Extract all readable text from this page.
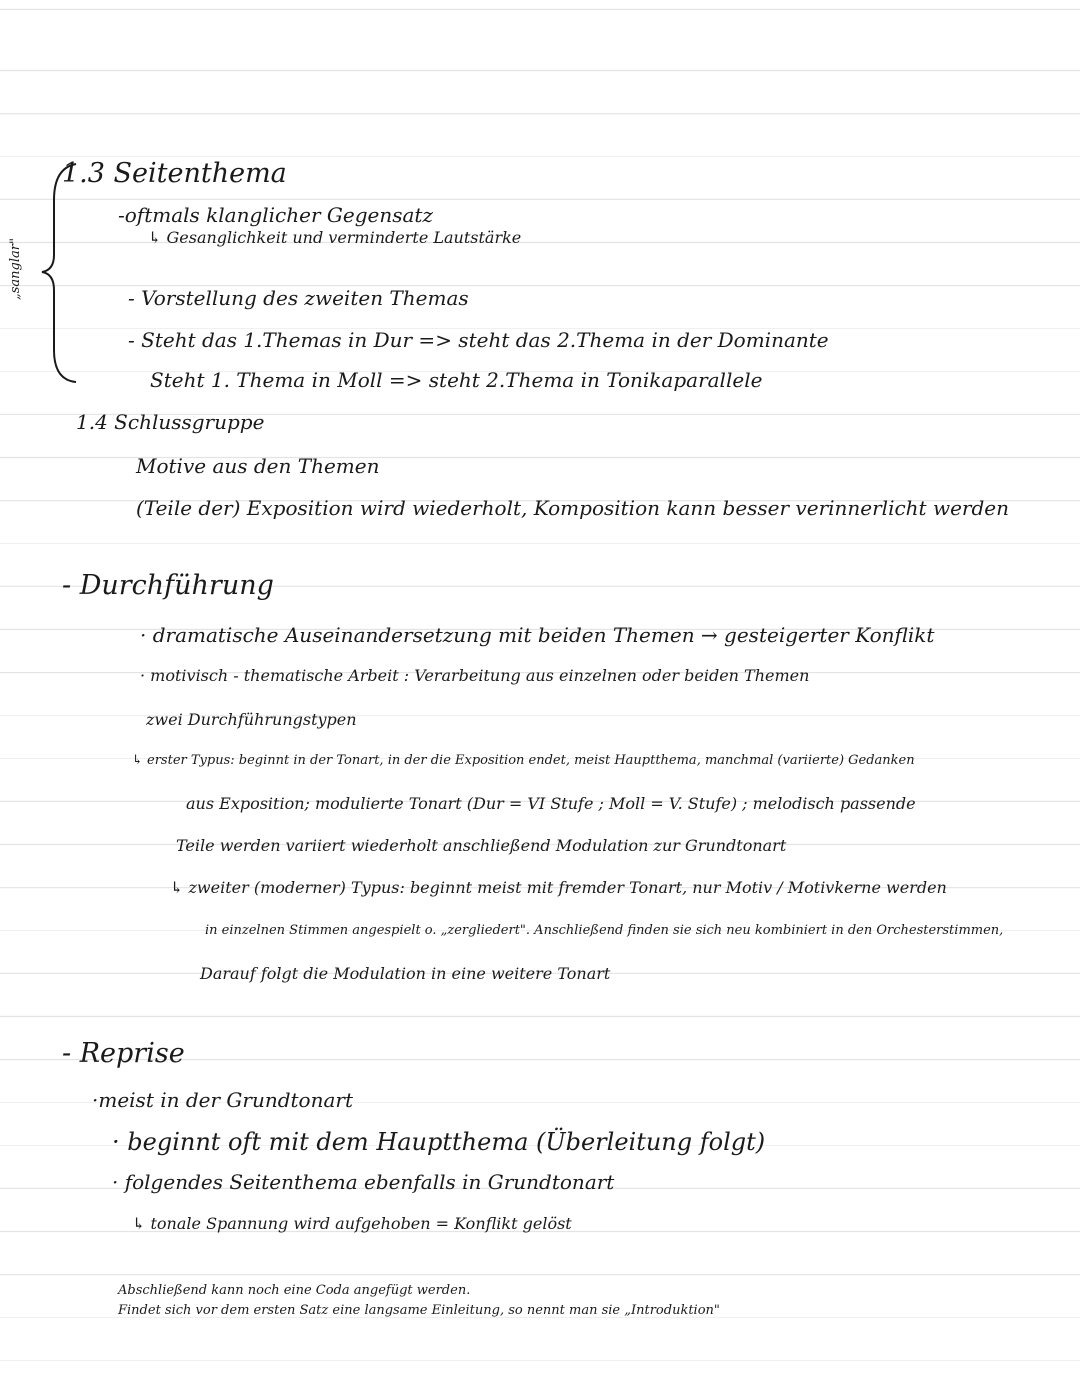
„sanglar"
1.3 Seitenthema
-oftmals klanglicher Gegensatz
↳ Gesanglichkeit und verminderte Lautstärke
- Vorstellung des zweiten Themas
- Steht das 1.Themas in Dur => steht das 2.Thema in der Dominante
Steht 1. Thema in Moll => steht 2.Thema in Tonikaparallele
1.4 Schlussgruppe
Motive aus den Themen
(Teile der) Exposition wird wiederholt, Komposition kann besser verinnerlicht werden
- Durchführung
· dramatische Auseinandersetzung mit beiden Themen → gesteigerter Konflikt
· motivisch - thematische Arbeit : Verarbeitung aus einzelnen oder beiden Themen
zwei Durchführungstypen
↳ erster Typus: beginnt in der Tonart, in der die Exposition endet, meist Hauptthema, manchmal (variierte) Gedanken
aus Exposition; modulierte Tonart (Dur = VI Stufe ; Moll = V. Stufe) ; melodisch passende
Teile werden variiert wiederholt anschließend Modulation zur Grundtonart
↳ zweiter (moderner) Typus: beginnt meist mit fremder Tonart, nur Motiv / Motivkerne werden
in einzelnen Stimmen angespielt o. „zergliedert". Anschließend finden sie sich neu kombiniert in den Orchesterstimmen,
Darauf folgt die Modulation in eine weitere Tonart
- Reprise
·meist in der Grundtonart
· beginnt oft mit dem Hauptthema (Überleitung folgt)
· folgendes Seitenthema ebenfalls in Grundtonart
↳ tonale Spannung wird aufgehoben = Konflikt gelöst
Abschließend kann noch eine Coda angefügt werden.
Findet sich vor dem ersten Satz eine langsame Einleitung, so nennt man sie „Introduktion"
